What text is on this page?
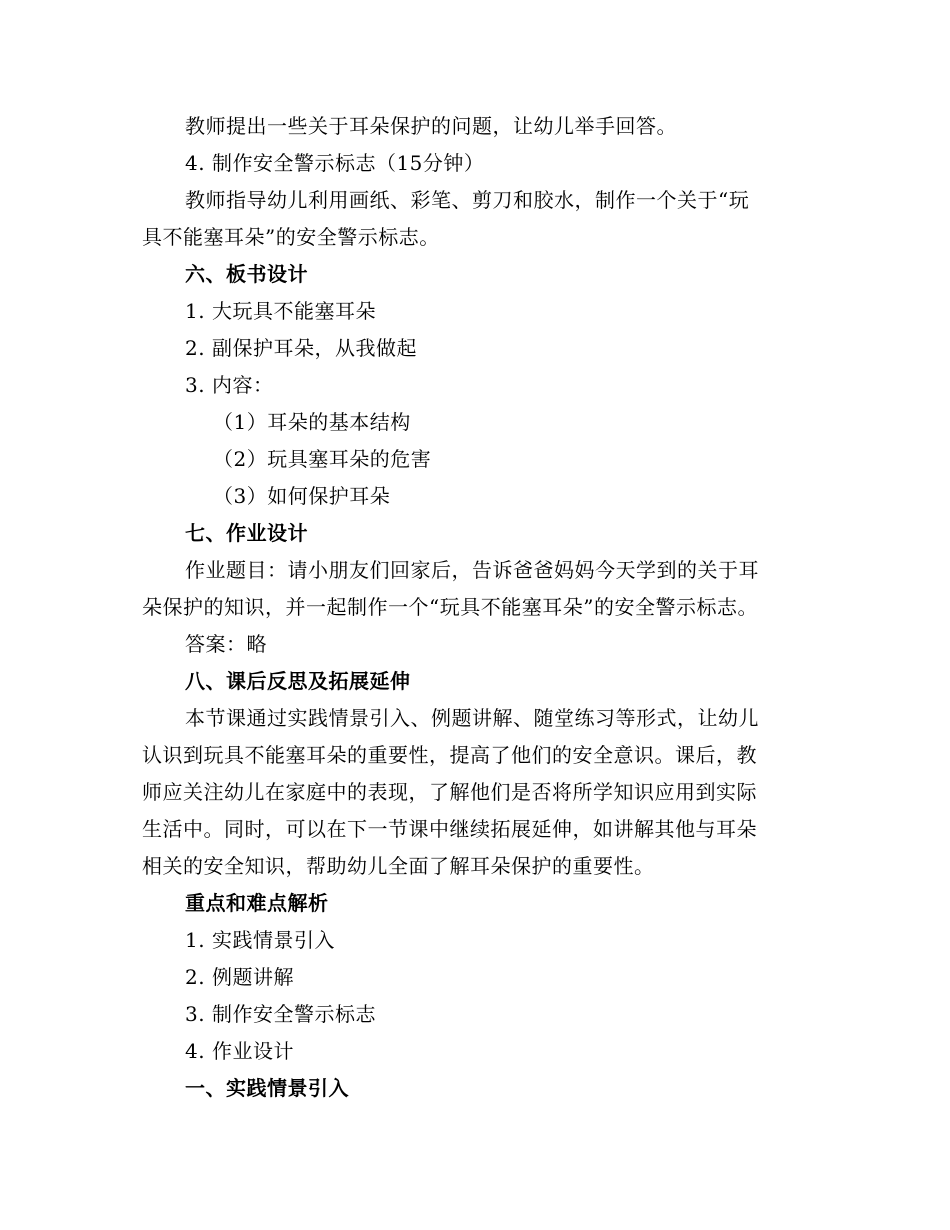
教师提出一些关于耳朵保护的问题，让幼儿举手回答。
4. 制作安全警示标志（15分钟）
教师指导幼儿利用画纸、彩笔、剪刀和胶水，制作一个关于“玩
具不能塞耳朵”的安全警示标志。
六、板书设计
1. 大玩具不能塞耳朵
2. 副保护耳朵，从我做起
3. 内容：
（1）耳朵的基本结构
（2）玩具塞耳朵的危害
（3）如何保护耳朵
七、作业设计
作业题目：请小朋友们回家后，告诉爸爸妈妈今天学到的关于耳
朵保护的知识，并一起制作一个“玩具不能塞耳朵”的安全警示标志。
答案：略
八、课后反思及拓展延伸
本节课通过实践情景引入、例题讲解、随堂练习等形式，让幼儿
认识到玩具不能塞耳朵的重要性，提高了他们的安全意识。课后，教
师应关注幼儿在家庭中的表现，了解他们是否将所学知识应用到实际
生活中。同时，可以在下一节课中继续拓展延伸，如讲解其他与耳朵
相关的安全知识，帮助幼儿全面了解耳朵保护的重要性。
重点和难点解析
1. 实践情景引入
2. 例题讲解
3. 制作安全警示标志
4. 作业设计
一、实践情景引入
